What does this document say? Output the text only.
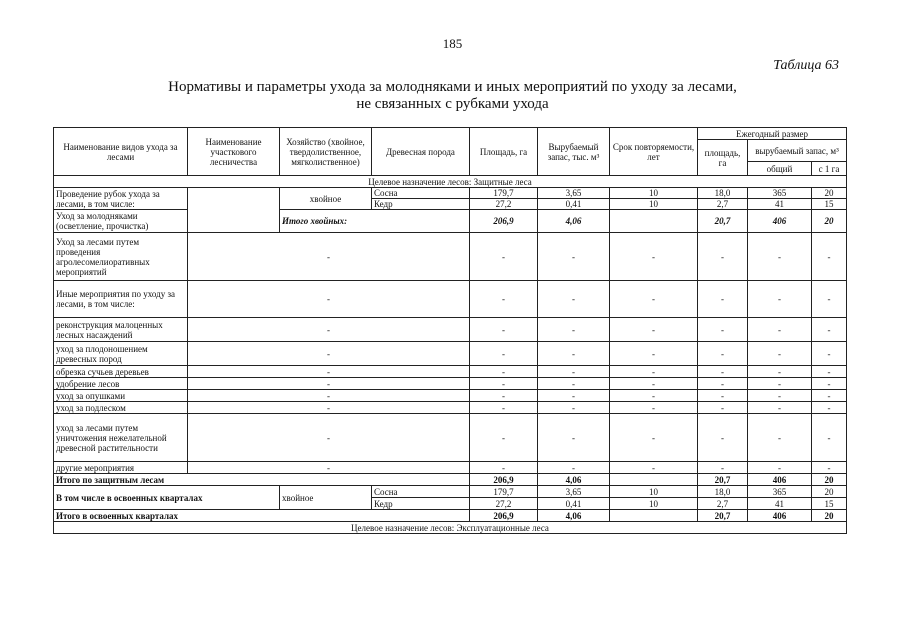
185
Таблица 63
Нормативы и параметры ухода за молодняками и иных мероприятий по уходу за лесами,
не связанных с рубками ухода
Наименование видов ухода за лесами	Наименование участкового лесничества	Хозяйство (хвойное, твердолиственное, мягколиственное)	Древесная порода	Площадь, га	Вырубаемый запас, тыс. м³	Срок повторяемости, лет	Ежегодный размер		
							площадь, га	вырубаемый запас, м³	
								общий	с 1 га
Целевое назначение лесов: Защитные леса									
Проведение рубок ухода за лесами, в том числе:		хвойное	Сосна	179,7	3,65	10	18,0	365	20
			Кедр	27,2	0,41	10	2,7	41	15
Уход за молодняками (осветление, прочистка)		Итого хвойных:		206,9	4,06		20,7	406	20

Уход за лесами путем проведения агролесомелиоративных мероприятий	-			-	-	-	-	-	-
Иные мероприятия по уходу за лесами, в том числе:	-			-	-	-	-	-	-
реконструкция малоценных лесных насаждений	-			-	-	-	-	-	-
уход за плодоношением древесных пород	-			-	-	-	-	-	-
обрезка сучьев деревьев	-			-	-	-	-	-	-
удобрение лесов	-			-	-	-	-	-	-
уход за опушками	-			-	-	-	-	-	-
уход за подлеском	-			-	-	-	-	-	-
уход за лесами путем уничтожения нежелательной древесной растительности	-			-	-	-	-	-	-
другие мероприятия	-			-	-	-	-	-	-
Итого по защитным лесам				206,9	4,06		20,7	406	20
В том числе в освоенных кварталах		хвойное	Сосна	179,7	3,65	10	18,0	365	20
			Кедр	27,2	0,41	10	2,7	41	15
Итого в освоенных кварталах				206,9	4,06		20,7	406	20
Целевое назначение лесов: Эксплуатационные леса									
